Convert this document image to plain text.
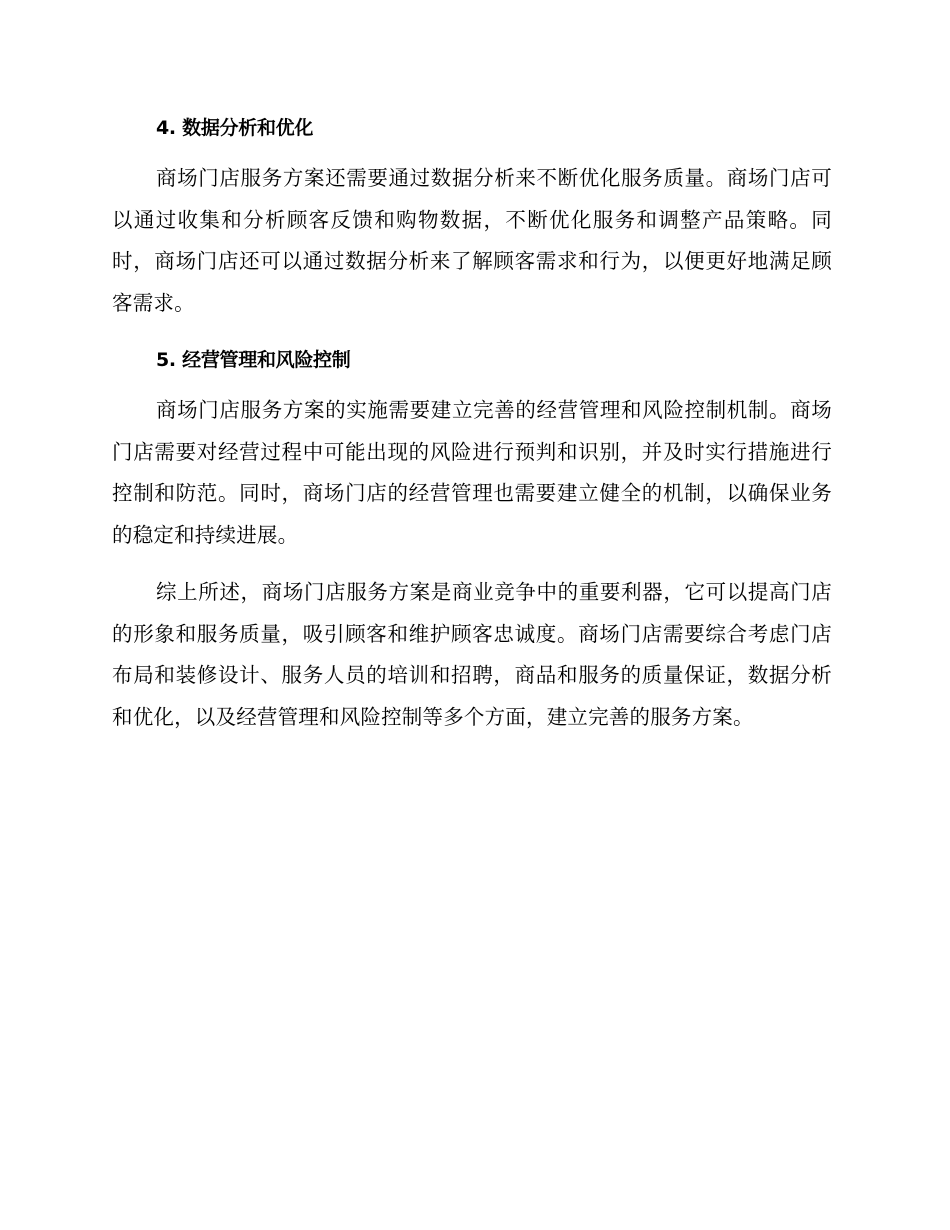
4. 数据分析和优化

商场门店服务方案还需要通过数据分析来不断优化服务质量。商场门店可以通过收集和分析顾客反馈和购物数据，不断优化服务和调整产品策略。同时，商场门店还可以通过数据分析来了解顾客需求和行为，以便更好地满足顾客需求。

5. 经营管理和风险控制

商场门店服务方案的实施需要建立完善的经营管理和风险控制机制。商场门店需要对经营过程中可能出现的风险进行预判和识别，并及时实行措施进行控制和防范。同时，商场门店的经营管理也需要建立健全的机制，以确保业务的稳定和持续进展。

综上所述，商场门店服务方案是商业竞争中的重要利器，它可以提高门店的形象和服务质量，吸引顾客和维护顾客忠诚度。商场门店需要综合考虑门店布局和装修设计、服务人员的培训和招聘，商品和服务的质量保证，数据分析和优化，以及经营管理和风险控制等多个方面，建立完善的服务方案。
